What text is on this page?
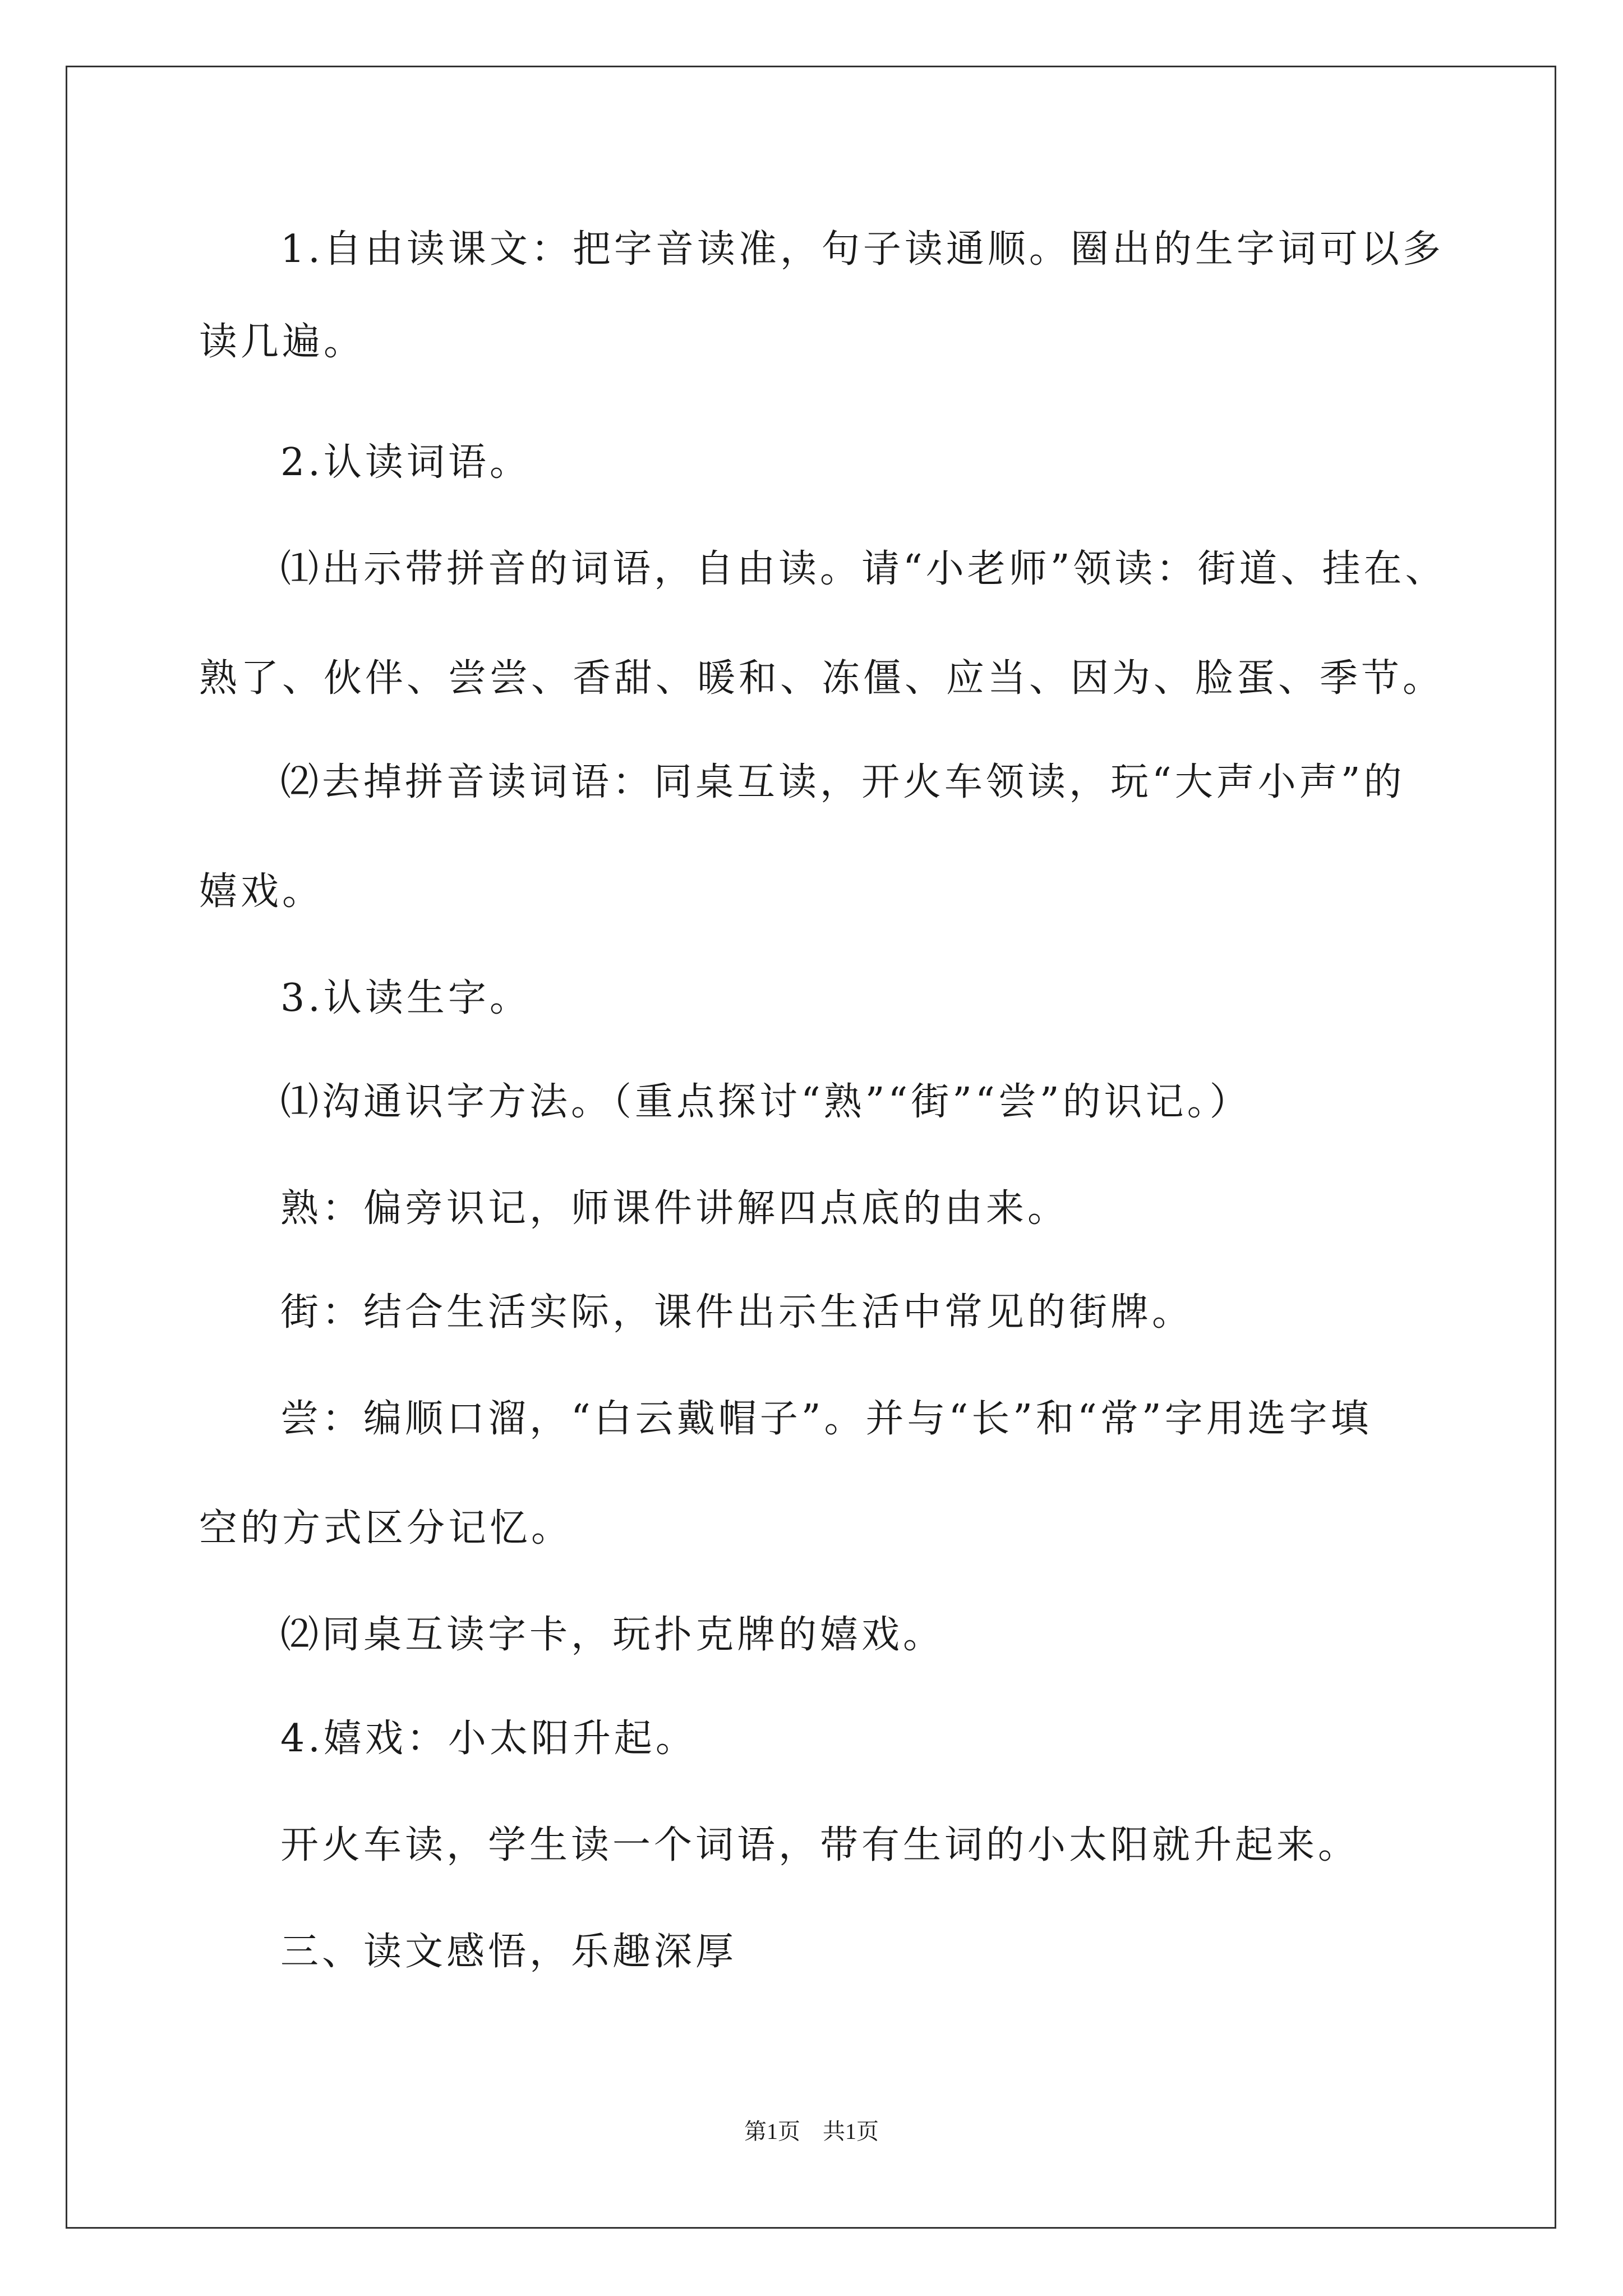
1.自由读课文：把字音读准，句子读通顺。圈出的生字词可以多
读几遍。
2.认读词语。
⑴出示带拼音的词语，自由读。请“小老师”领读：街道、挂在、
熟了、伙伴、尝尝、香甜、暖和、冻僵、应当、因为、脸蛋、季节。
⑵去掉拼音读词语：同桌互读，开火车领读，玩“大声小声”的
嬉戏。
3.认读生字。
⑴沟通识字方法。（重点探讨“熟”“街”“尝”的识记。）
熟：偏旁识记，师课件讲解四点底的由来。
街：结合生活实际，课件出示生活中常见的街牌。
尝：编顺口溜，“白云戴帽子”。并与“长”和“常”字用选字填
空的方式区分记忆。
⑵同桌互读字卡，玩扑克牌的嬉戏。
4.嬉戏：小太阳升起。
开火车读，学生读一个词语，带有生词的小太阳就升起来。
三、读文感悟，乐趣深厚
第1页　共1页
